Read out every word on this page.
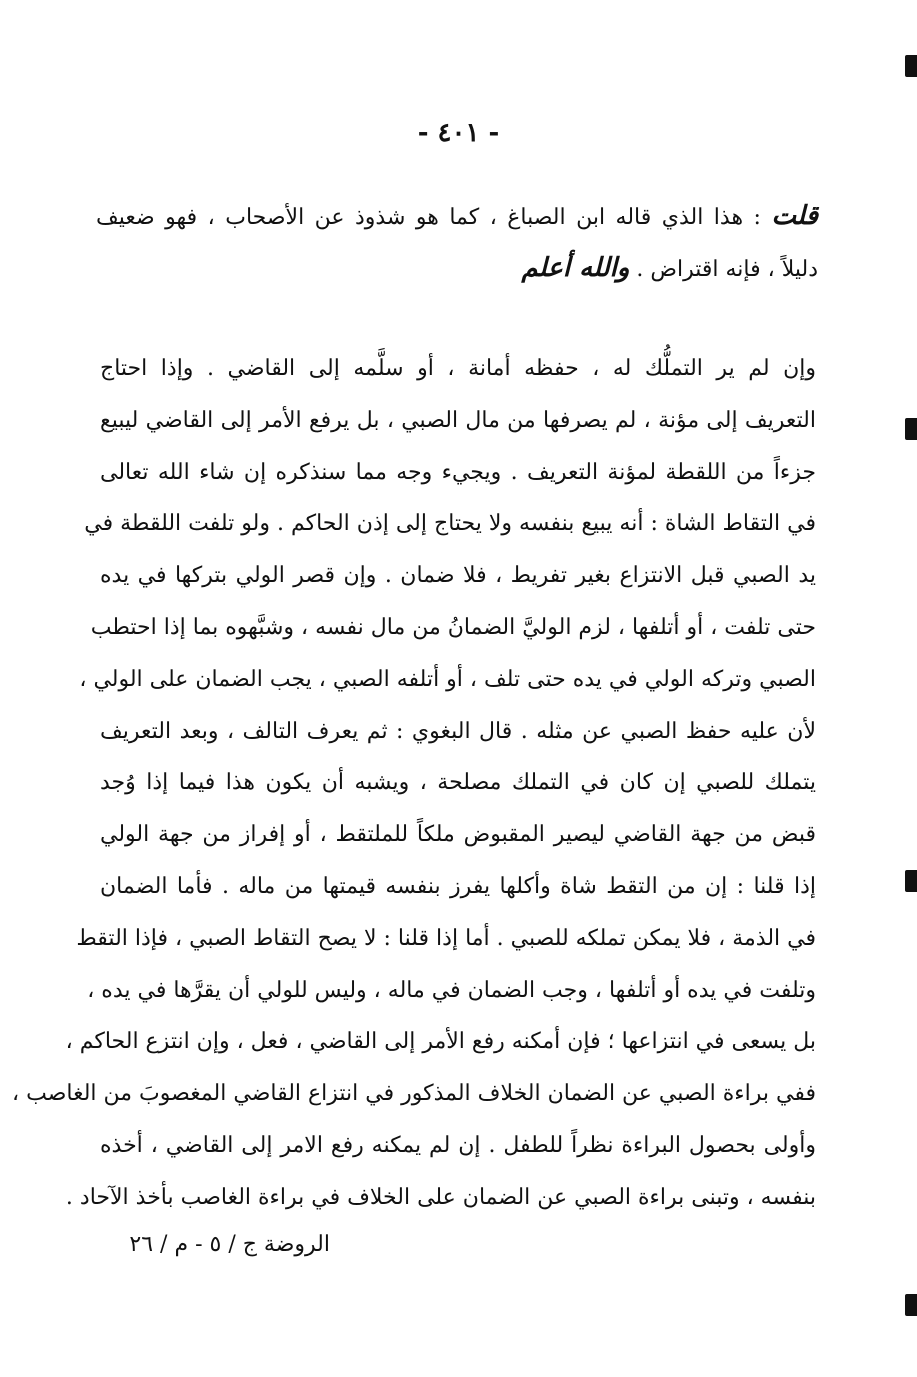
- ٤٠١ -
قلت : هذا الذي قاله ابن الصباغ ، كما هو شذوذ عن الأصحاب ، فهو ضعيف
دليلاً ، فإنه اقتراض . والله أعلم
وإن لم ير التملُّك له ، حفظه أمانة ، أو سلَّمه إلى القاضي . وإذا احتاج
التعريف إلى مؤنة ، لم يصرفها من مال الصبي ، بل يرفع الأمر إلى القاضي ليبيع
جزءاً من اللقطة لمؤنة التعريف . ويجيء وجه مما سنذكره إن شاء الله تعالى
في التقاط الشاة : أنه يبيع بنفسه ولا يحتاج إلى إذن الحاكم . ولو تلفت اللقطة في
يد الصبي قبل الانتزاع بغير تفريط ، فلا ضمان . وإن قصر الولي بتركها في يده
حتى تلفت ، أو أتلفها ، لزم الوليَّ الضمانُ من مال نفسه ، وشبَّهوه بما إذا احتطب
الصبي وتركه الولي في يده حتى تلف ، أو أتلفه الصبي ، يجب الضمان على الولي ،
لأن عليه حفظ الصبي عن مثله . قال البغوي : ثم يعرف التالف ، وبعد التعريف
يتملك للصبي إن كان في التملك مصلحة ، ويشبه أن يكون هذا فيما إذا وُجد
قبض من جهة القاضي ليصير المقبوض ملكاً للملتقط ، أو إفراز من جهة الولي
إذا قلنا : إن من التقط شاة وأكلها يفرز بنفسه قيمتها من ماله . فأما الضمان
في الذمة ، فلا يمكن تملكه للصبي . أما إذا قلنا : لا يصح التقاط الصبي ، فإذا التقط
وتلفت في يده أو أتلفها ، وجب الضمان في ماله ، وليس للولي أن يقرَّها في يده ،
بل يسعى في انتزاعها ؛ فإن أمكنه رفع الأمر إلى القاضي ، فعل ، وإن انتزع الحاكم ،
ففي براءة الصبي عن الضمان الخلاف المذكور في انتزاع القاضي المغصوبَ من الغاصب ،
وأولى بحصول البراءة نظراً للطفل . إن لم يمكنه رفع الامر إلى القاضي ، أخذه
بنفسه ، وتبنى براءة الصبي عن الضمان على الخلاف في براءة الغاصب بأخذ الآحاد .
الروضة ج / ٥ - م / ٢٦
